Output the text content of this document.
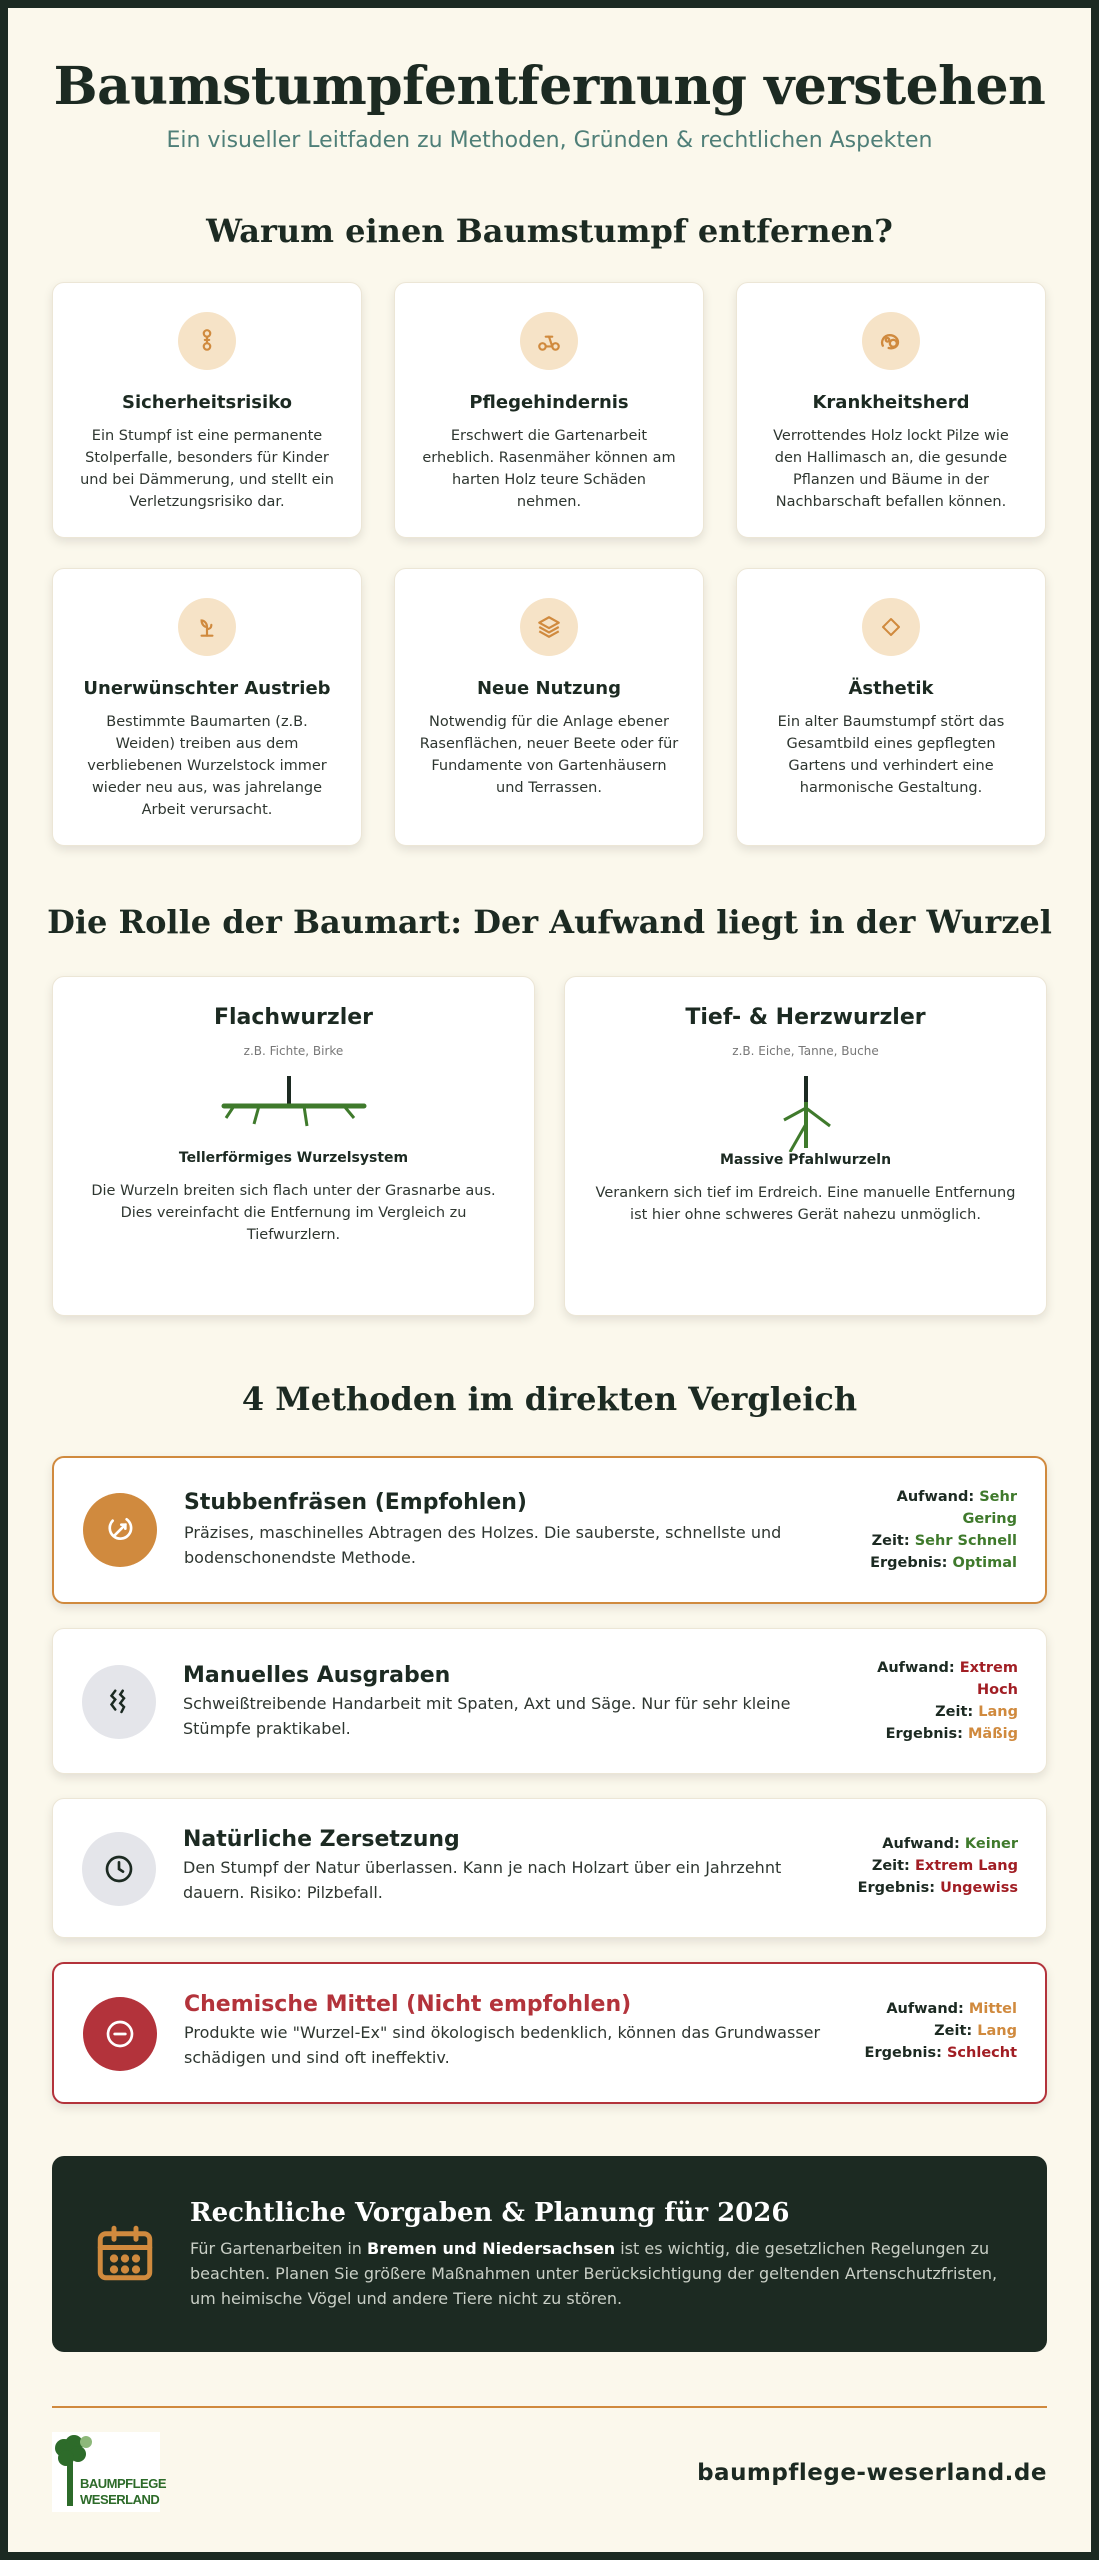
Baumstumpfentfernung verstehen
Ein visueller Leitfaden zu Methoden, Gründen & rechtlichen Aspekten
Warum einen Baumstumpf entfernen?
Sicherheitsrisiko
Ein Stumpf ist eine permanente Stolperfalle, besonders für Kinder und bei Dämmerung, und stellt ein Verletzungsrisiko dar.
Pflegehindernis
Erschwert die Gartenarbeit erheblich. Rasenmäher können am harten Holz teure Schäden nehmen.
Krankheitsherd
Verrottendes Holz lockt Pilze wie den Hallimasch an, die gesunde Pflanzen und Bäume in der Nachbarschaft befallen können.
Unerwünschter Austrieb
Bestimmte Baumarten (z.B. Weiden) treiben aus dem verbliebenen Wurzelstock immer wieder neu aus, was jahrelange Arbeit verursacht.
Neue Nutzung
Notwendig für die Anlage ebener Rasenflächen, neuer Beete oder für Fundamente von Gartenhäusern und Terrassen.
Ästhetik
Ein alter Baumstumpf stört das Gesamtbild eines gepflegten Gartens und verhindert eine harmonische Gestaltung.
Die Rolle der Baumart: Der Aufwand liegt in der Wurzel
Flachwurzler
z.B. Fichte, Birke
Tellerförmiges Wurzelsystem
Die Wurzeln breiten sich flach unter der Grasnarbe aus. Dies vereinfacht die Entfernung im Vergleich zu Tiefwurzlern.
Tief- & Herzwurzler
z.B. Eiche, Tanne, Buche
Massive Pfahlwurzeln
Verankern sich tief im Erdreich. Eine manuelle Entfernung ist hier ohne schweres Gerät nahezu unmöglich.
4 Methoden im direkten Vergleich
Stubbenfräsen (Empfohlen)
Präzises, maschinelles Abtragen des Holzes. Die sauberste, schnellste und bodenschonendste Methode.
Aufwand: Sehr Gering
Zeit: Sehr Schnell
Ergebnis: Optimal
Manuelles Ausgraben
Schweißtreibende Handarbeit mit Spaten, Axt und Säge. Nur für sehr kleine Stümpfe praktikabel.
Aufwand: Extrem Hoch
Zeit: Lang
Ergebnis: Mäßig
Natürliche Zersetzung
Den Stumpf der Natur überlassen. Kann je nach Holzart über ein Jahrzehnt dauern. Risiko: Pilzbefall.
Aufwand: Keiner
Zeit: Extrem Lang
Ergebnis: Ungewiss
Chemische Mittel (Nicht empfohlen)
Produkte wie "Wurzel-Ex" sind ökologisch bedenklich, können das Grundwasser schädigen und sind oft ineffektiv.
Aufwand: Mittel
Zeit: Lang
Ergebnis: Schlecht
Rechtliche Vorgaben & Planung für 2026
Für Gartenarbeiten in Bremen und Niedersachsen ist es wichtig, die gesetzlichen Regelungen zu beachten. Planen Sie größere Maßnahmen unter Berücksichtigung der geltenden Artenschutzfristen, um heimische Vögel und andere Tiere nicht zu stören.
BAUMPFLEGE
WESERLAND
baumpflege-weserland.de
